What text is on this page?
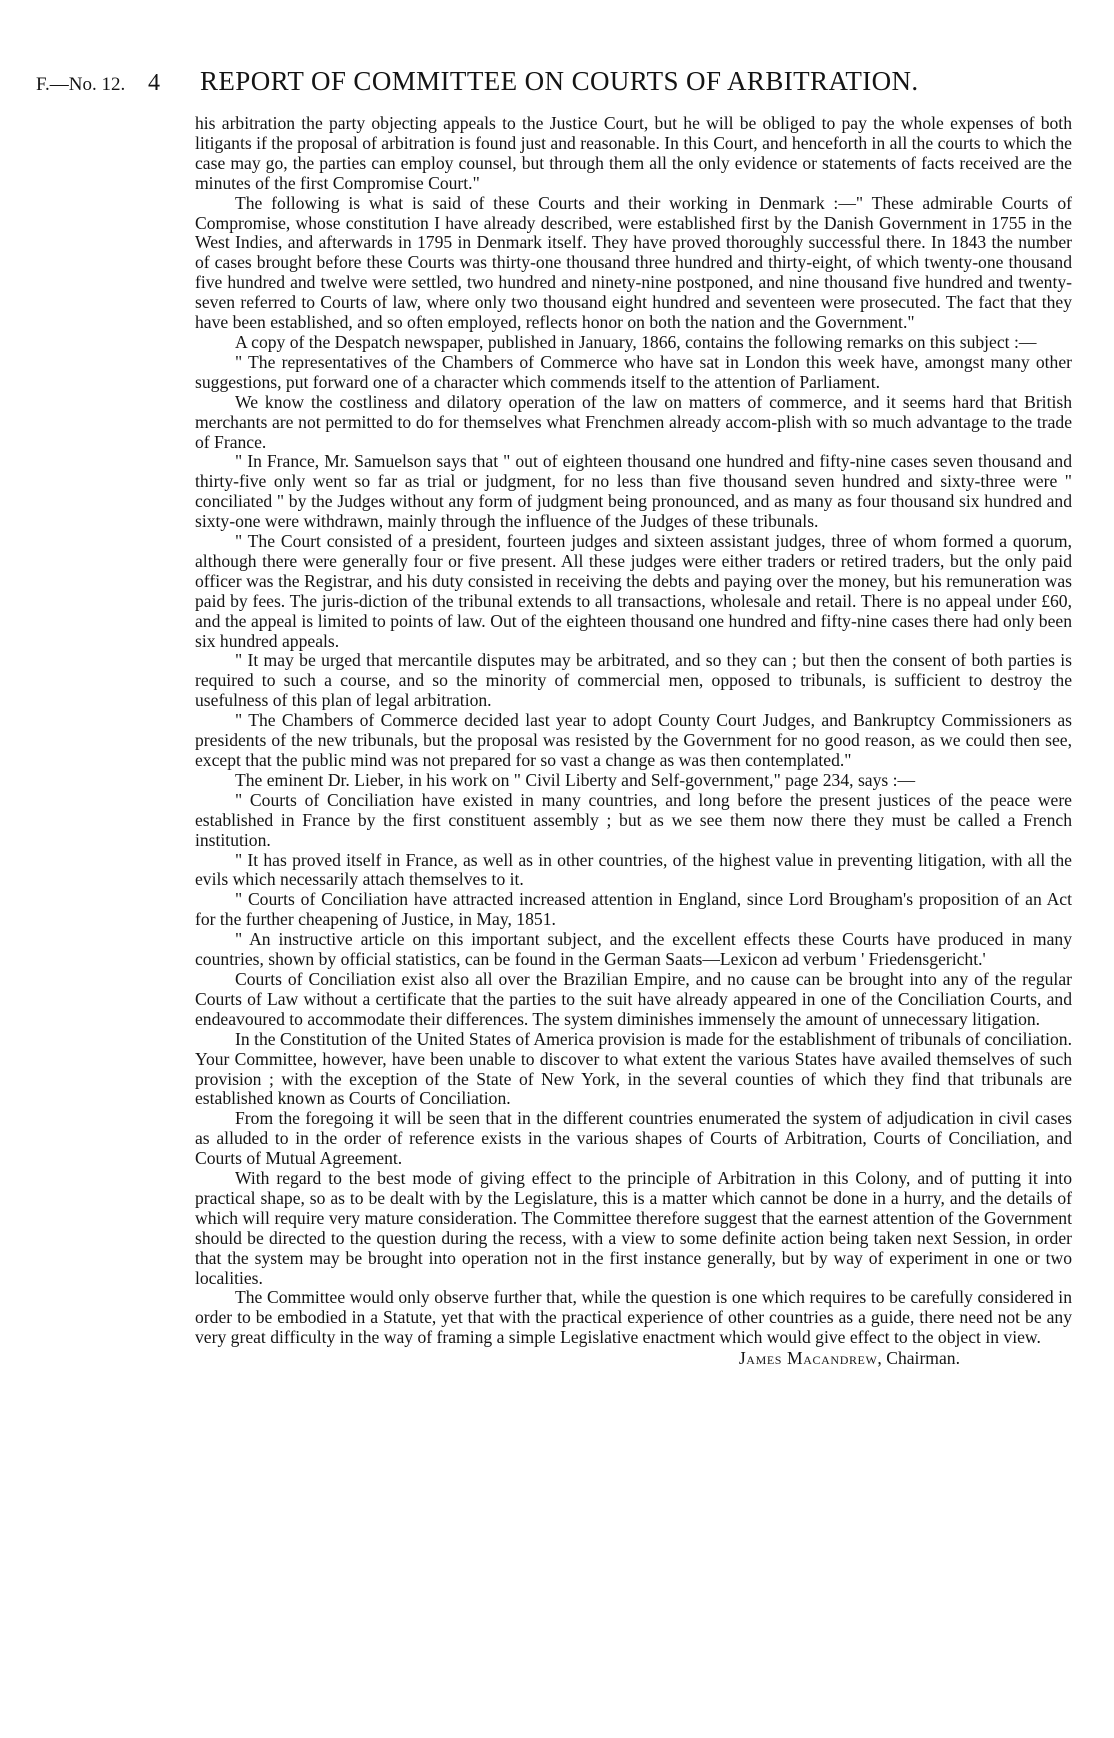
F.—No. 12. 4	REPORT OF COMMITTEE ON COURTS OF ARBITRATION.

his arbitration the party objecting appeals to the Justice Court, but he will be obliged to pay the whole expenses of both litigants if the proposal of arbitration is found just and reasonable. In this Court, and henceforth in all the courts to which the case may go, the parties can employ counsel, but through them all the only evidence or statements of facts received are the minutes of the first Compromise Court."

The following is what is said of these Courts and their working in Denmark :—" These admirable Courts of Compromise, whose constitution I have already described, were established first by the Danish Government in 1755 in the West Indies, and afterwards in 1795 in Denmark itself. They have proved thoroughly successful there. In 1843 the number of cases brought before these Courts was thirty-one thousand three hundred and thirty-eight, of which twenty-one thousand five hundred and twelve were settled, two hundred and ninety-nine postponed, and nine thousand five hundred and twenty-seven referred to Courts of law, where only two thousand eight hundred and seventeen were prosecuted. The fact that they have been established, and so often employed, reflects honor on both the nation and the Government."

A copy of the Despatch newspaper, published in January, 1866, contains the following remarks on this subject :—

" The representatives of the Chambers of Commerce who have sat in London this week have, amongst many other suggestions, put forward one of a character which commends itself to the attention of Parliament.

We know the costliness and dilatory operation of the law on matters of commerce, and it seems hard that British merchants are not permitted to do for themselves what Frenchmen already accom-plish with so much advantage to the trade of France.

" In France, Mr. Samuelson says that " out of eighteen thousand one hundred and fifty-nine cases seven thousand and thirty-five only went so far as trial or judgment, for no less than five thousand seven hundred and sixty-three were " conciliated " by the Judges without any form of judgment being pronounced, and as many as four thousand six hundred and sixty-one were withdrawn, mainly through the influence of the Judges of these tribunals.

" The Court consisted of a president, fourteen judges and sixteen assistant judges, three of whom formed a quorum, although there were generally four or five present. All these judges were either traders or retired traders, but the only paid officer was the Registrar, and his duty consisted in receiving the debts and paying over the money, but his remuneration was paid by fees. The juris-diction of the tribunal extends to all transactions, wholesale and retail. There is no appeal under £60, and the appeal is limited to points of law. Out of the eighteen thousand one hundred and fifty-nine cases there had only been six hundred appeals.

" It may be urged that mercantile disputes may be arbitrated, and so they can ; but then the consent of both parties is required to such a course, and so the minority of commercial men, opposed to tribunals, is sufficient to destroy the usefulness of this plan of legal arbitration.

" The Chambers of Commerce decided last year to adopt County Court Judges, and Bankruptcy Commissioners as presidents of the new tribunals, but the proposal was resisted by the Government for no good reason, as we could then see, except that the public mind was not prepared for so vast a change as was then contemplated."

The eminent Dr. Lieber, in his work on " Civil Liberty and Self-government," page 234, says :—

" Courts of Conciliation have existed in many countries, and long before the present justices of the peace were established in France by the first constituent assembly ; but as we see them now there they must be called a French institution.

" It has proved itself in France, as well as in other countries, of the highest value in preventing litigation, with all the evils which necessarily attach themselves to it.

" Courts of Conciliation have attracted increased attention in England, since Lord Brougham's proposition of an Act for the further cheapening of Justice, in May, 1851.

" An instructive article on this important subject, and the excellent effects these Courts have produced in many countries, shown by official statistics, can be found in the German Saats—Lexicon ad verbum ' Friedensgericht.'

Courts of Conciliation exist also all over the Brazilian Empire, and no cause can be brought into any of the regular Courts of Law without a certificate that the parties to the suit have already appeared in one of the Conciliation Courts, and endeavoured to accommodate their differences. The system diminishes immensely the amount of unnecessary litigation.

In the Constitution of the United States of America provision is made for the establishment of tribunals of conciliation. Your Committee, however, have been unable to discover to what extent the various States have availed themselves of such provision ; with the exception of the State of New York, in the several counties of which they find that tribunals are established known as Courts of Conciliation.

From the foregoing it will be seen that in the different countries enumerated the system of adjudication in civil cases as alluded to in the order of reference exists in the various shapes of Courts of Arbitration, Courts of Conciliation, and Courts of Mutual Agreement.

With regard to the best mode of giving effect to the principle of Arbitration in this Colony, and of putting it into practical shape, so as to be dealt with by the Legislature, this is a matter which cannot be done in a hurry, and the details of which will require very mature consideration. The Committee therefore suggest that the earnest attention of the Government should be directed to the question during the recess, with a view to some definite action being taken next Session, in order that the system may be brought into operation not in the first instance generally, but by way of experiment in one or two localities.

The Committee would only observe further that, while the question is one which requires to be carefully considered in order to be embodied in a Statute, yet that with the practical experience of other countries as a guide, there need not be any very great difficulty in the way of framing a simple Legislative enactment which would give effect to the object in view.

James Macandrew, Chairman.
